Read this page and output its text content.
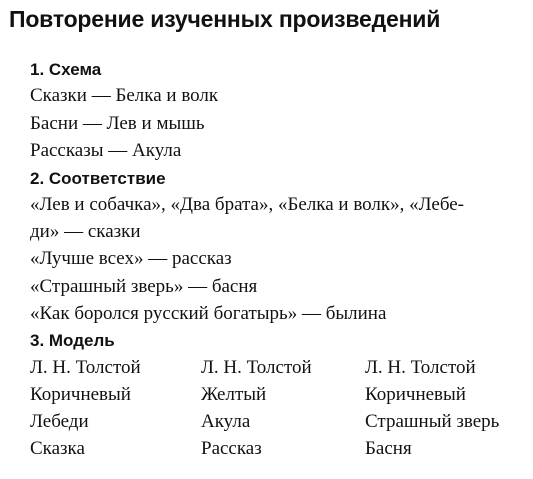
Повторение изученных произведений
1. Схема
Сказки — Белка и волк
Басни — Лев и мышь
Рассказы — Акула
2. Соответствие
«Лев и собачка», «Два брата», «Белка и волк», «Лебе-
ди» — сказки
«Лучше всех» — рассказ
«Страшный зверь» — басня
«Как боролся русский богатырь» — былина
3. Модель
Л. Н. Толстой	Л. Н. Толстой	Л. Н. Толстой
Коричневый	Желтый	Коричневый
Лебеди	Акула	Страшный зверь
Сказка	Рассказ	Басня
